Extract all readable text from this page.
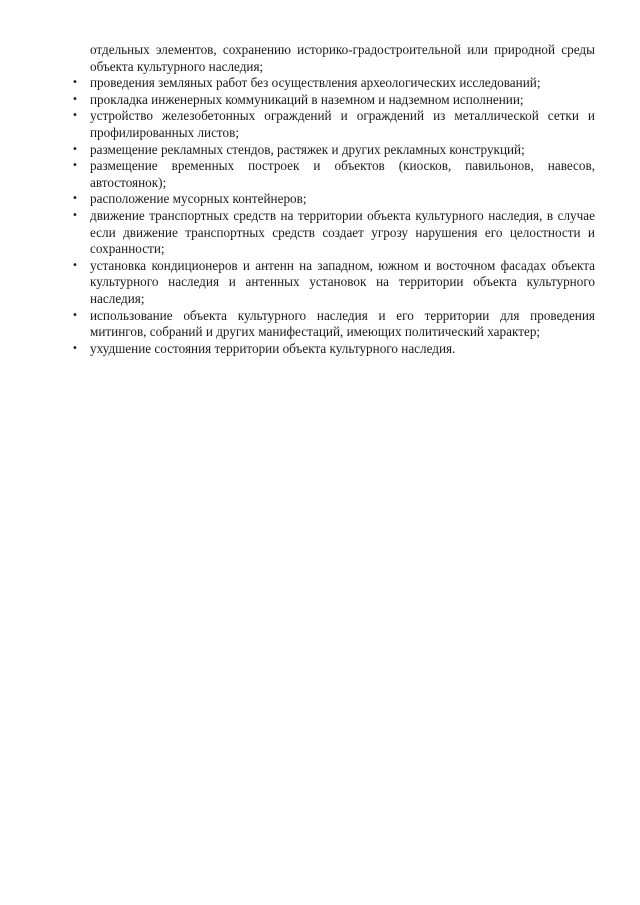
отдельных элементов, сохранению историко-градостроительной или природной среды объекта культурного наследия;

• проведения земляных работ без осуществления археологических исследований;
• прокладка инженерных коммуникаций в наземном и надземном исполнении;
• устройство железобетонных ограждений и ограждений из металлической сетки и профилированных листов;
• размещение рекламных стендов, растяжек и других рекламных конструкций;
• размещение временных построек и объектов (киосков, павильонов, навесов, автостоянок);
• расположение мусорных контейнеров;
• движение транспортных средств на территории объекта культурного наследия, в случае если движение транспортных средств создает угрозу нарушения его целостности и сохранности;
• установка кондиционеров и антенн на западном, южном и восточном фасадах объекта культурного наследия и антенных установок на территории объекта культурного наследия;
• использование объекта культурного наследия и его территории для проведения митингов, собраний и других манифестаций, имеющих политический характер;
• ухудшение состояния территории объекта культурного наследия.
